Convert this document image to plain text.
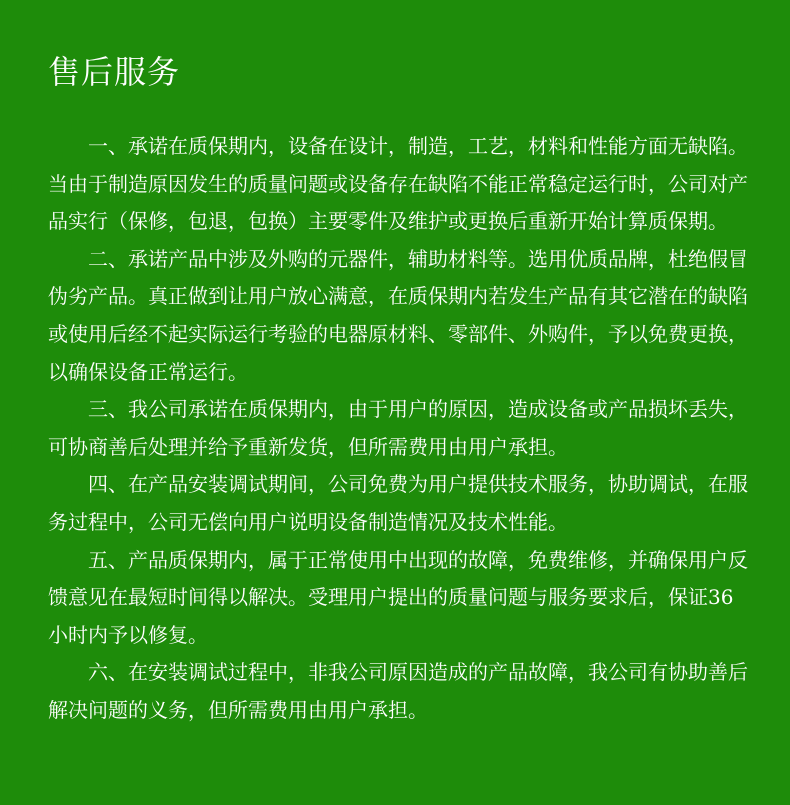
售后服务

一、承诺在质保期内，设备在设计，制造，工艺，材料和性能方面无缺陷。当由于制造原因发生的质量问题或设备存在缺陷不能正常稳定运行时，公司对产品实行（保修，包退，包换）主要零件及维护或更换后重新开始计算质保期。

二、承诺产品中涉及外购的元器件，辅助材料等。选用优质品牌，杜绝假冒伪劣产品。真正做到让用户放心满意，在质保期内若发生产品有其它潜在的缺陷或使用后经不起实际运行考验的电器原材料、零部件、外购件，予以免费更换，以确保设备正常运行。

三、我公司承诺在质保期内，由于用户的原因，造成设备或产品损坏丢失，可协商善后处理并给予重新发货，但所需费用由用户承担。

四、在产品安装调试期间，公司免费为用户提供技术服务，协助调试，在服务过程中，公司无偿向用户说明设备制造情况及技术性能。

五、产品质保期内，属于正常使用中出现的故障，免费维修，并确保用户反馈意见在最短时间得以解决。受理用户提出的质量问题与服务要求后，保证36小时内予以修复。

六、在安装调试过程中，非我公司原因造成的产品故障，我公司有协助善后解决问题的义务，但所需费用由用户承担。
